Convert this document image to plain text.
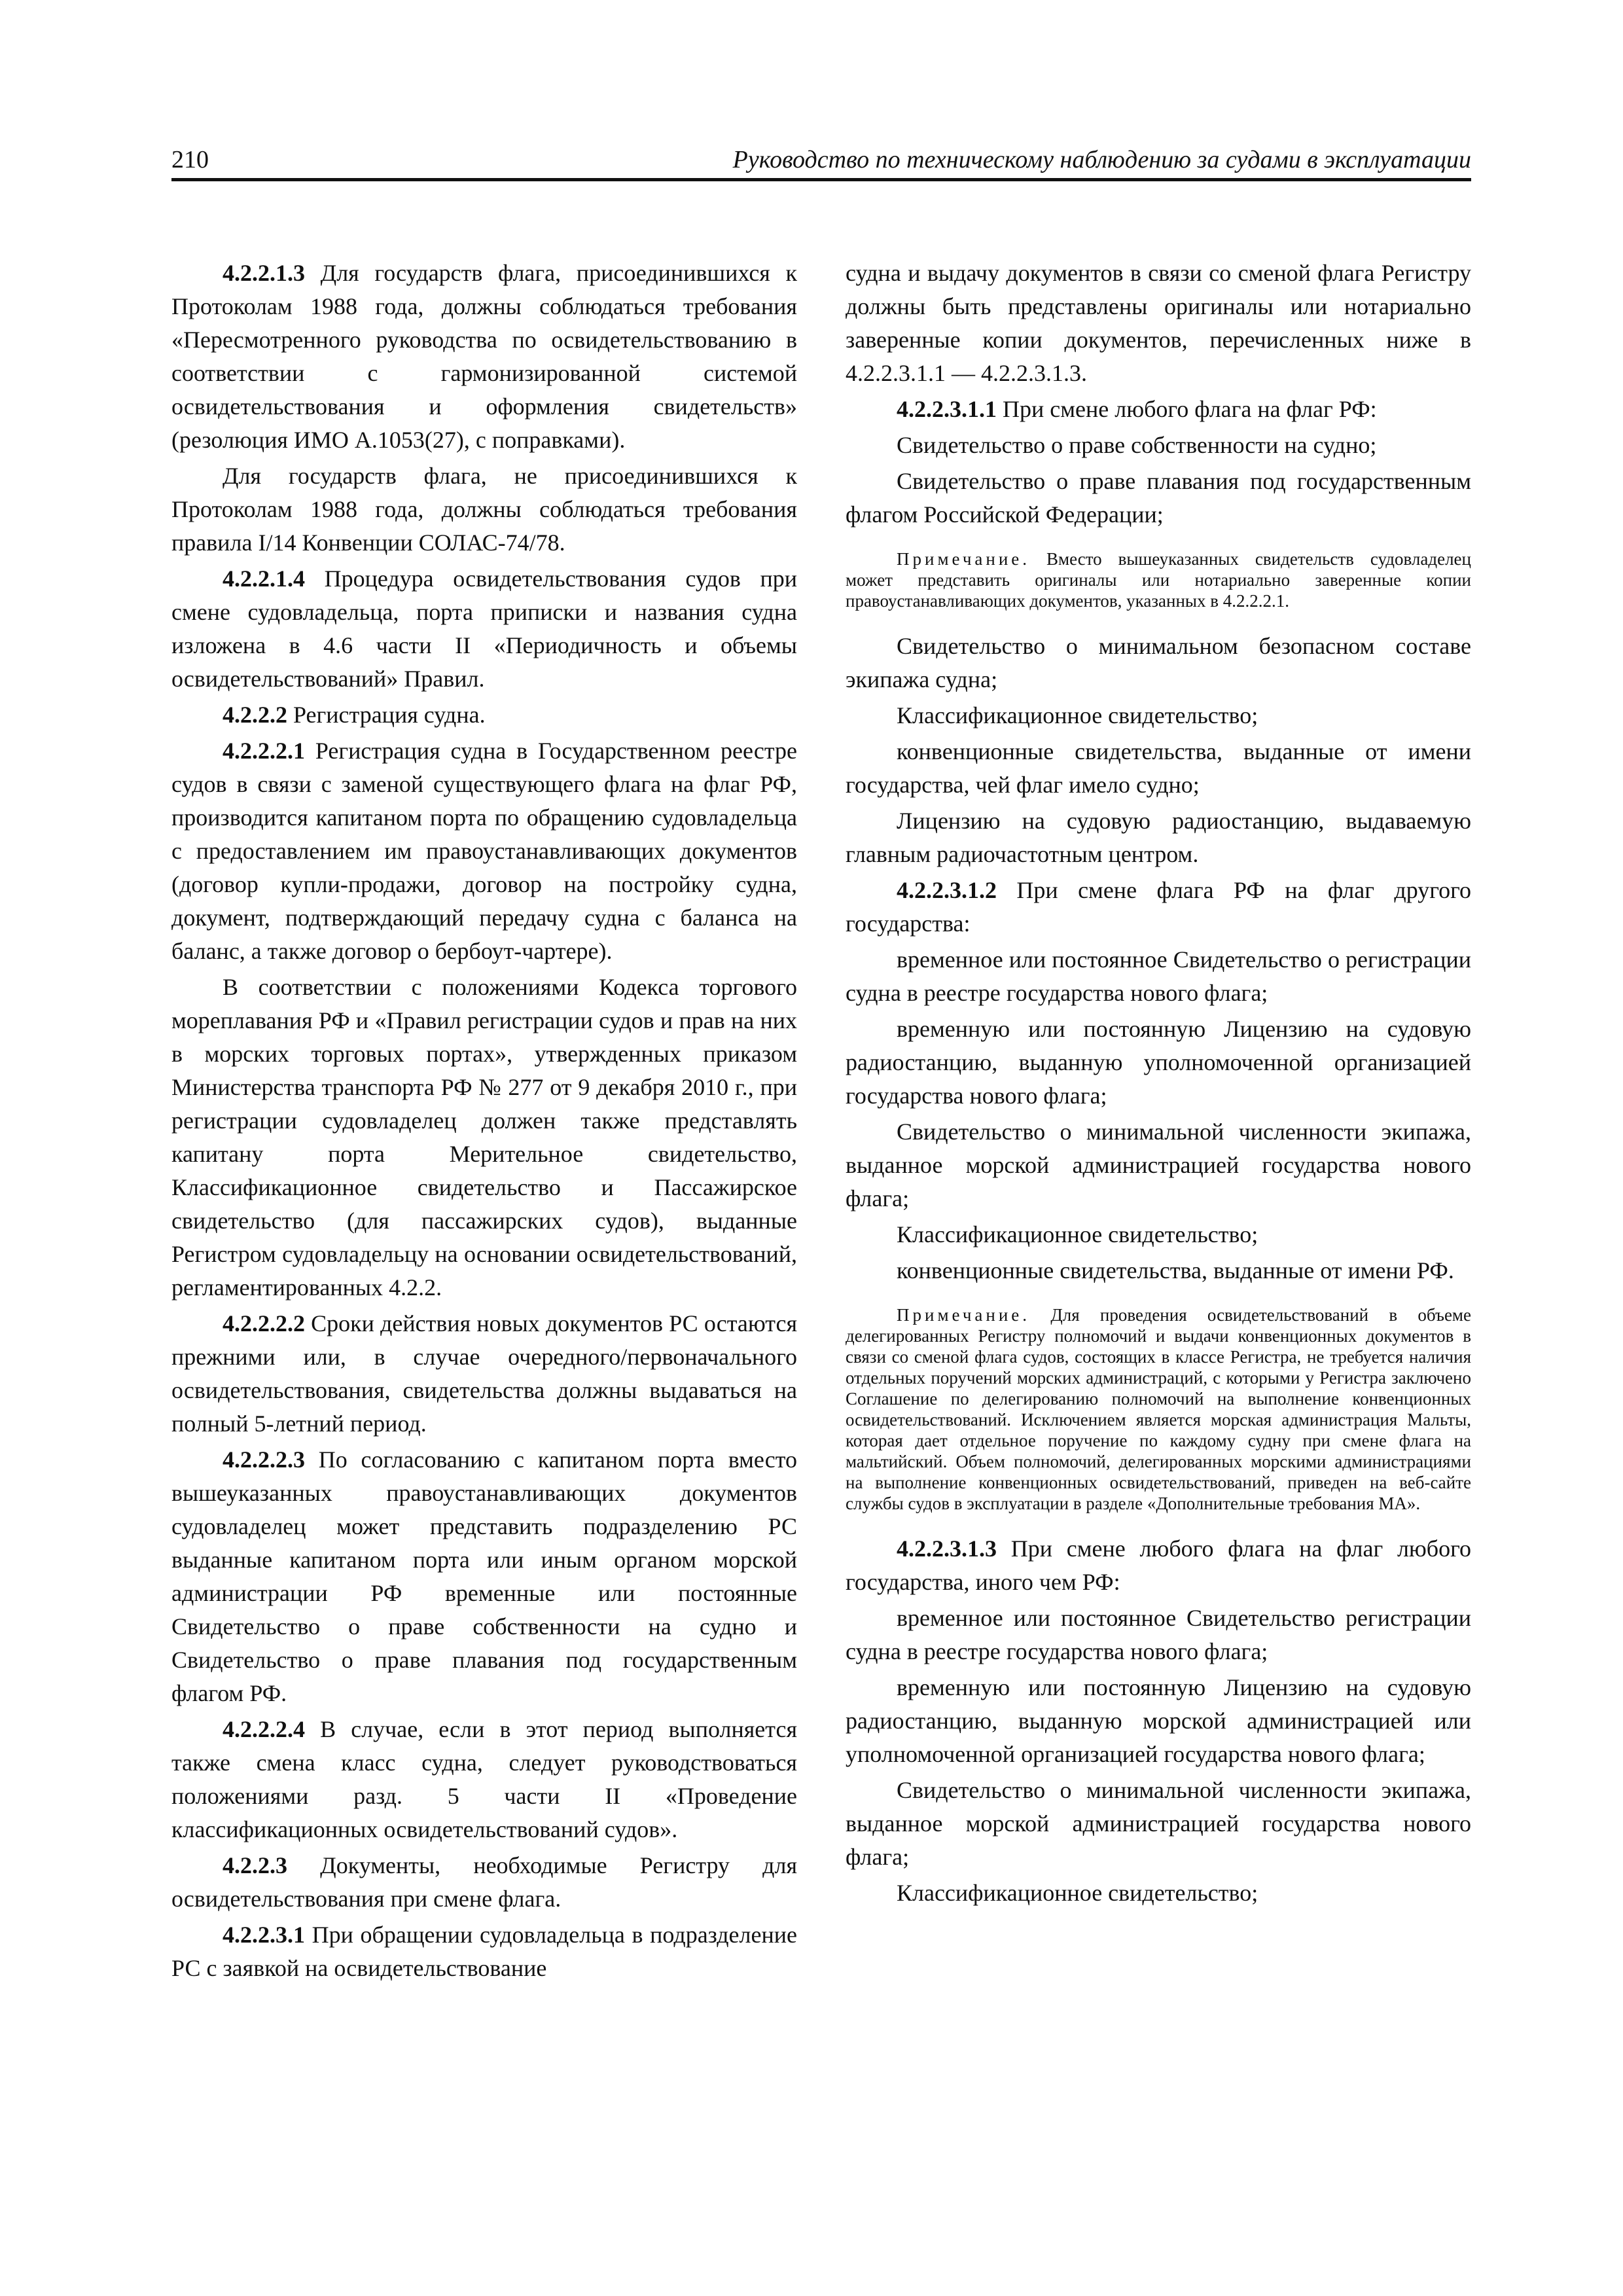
210	Руководство по техническому наблюдению за судами в эксплуатации

4.2.2.1.3 Для государств флага, присоединившихся к Протоколам 1988 года, должны соблюдаться требования «Пересмотренного руководства по освидетельствованию в соответствии с гармонизированной системой освидетельствования и оформления свидетельств» (резолюция ИМО А.1053(27), с поправками).

Для государств флага, не присоединившихся к Протоколам 1988 года, должны соблюдаться требования правила I/14 Конвенции СОЛАС-74/78.

4.2.2.1.4 Процедура освидетельствования судов при смене судовладельца, порта приписки и названия судна изложена в 4.6 части II «Периодичность и объемы освидетельствований» Правил.

4.2.2.2 Регистрация судна.

4.2.2.2.1 Регистрация судна в Государственном реестре судов в связи с заменой существующего флага на флаг РФ, производится капитаном порта по обращению судовладельца с предоставлением им правоустанавливающих документов (договор купли-продажи, договор на постройку судна, документ, подтверждающий передачу судна с баланса на баланс, а также договор о бербоут-чартере).

В соответствии с положениями Кодекса торгового мореплавания РФ и «Правил регистрации судов и прав на них в морских торговых портах», утвержденных приказом Министерства транспорта РФ № 277 от 9 декабря 2010 г., при регистрации судовладелец должен также представлять капитану порта Мерительное свидетельство, Классификационное свидетельство и Пассажирское свидетельство (для пассажирских судов), выданные Регистром судовладельцу на основании освидетельствований, регламентированных 4.2.2.

4.2.2.2.2 Сроки действия новых документов РС остаются прежними или, в случае очередного/первоначального освидетельствования, свидетельства должны выдаваться на полный 5-летний период.

4.2.2.2.3 По согласованию с капитаном порта вместо вышеуказанных правоустанавливающих документов судовладелец может представить подразделению РС выданные капитаном порта или иным органом морской администрации РФ временные или постоянные Свидетельство о праве собственности на судно и Свидетельство о праве плавания под государственным флагом РФ.

4.2.2.2.4 В случае, если в этот период выполняется также смена класс судна, следует руководствоваться положениями разд. 5 части II «Проведение классификационных освидетельствований судов».

4.2.2.3 Документы, необходимые Регистру для освидетельствования при смене флага.

4.2.2.3.1 При обращении судовладельца в подразделение РС с заявкой на освидетельствование

судна и выдачу документов в связи со сменой флага Регистру должны быть представлены оригиналы или нотариально заверенные копии документов, перечисленных ниже в 4.2.2.3.1.1 — 4.2.2.3.1.3.

4.2.2.3.1.1 При смене любого флага на флаг РФ:

Свидетельство о праве собственности на судно;

Свидетельство о праве плавания под государственным флагом Российской Федерации;

Примечание. Вместо вышеуказанных свидетельств судовладелец может представить оригиналы или нотариально заверенные копии правоустанавливающих документов, указанных в 4.2.2.2.1.

Свидетельство о минимальном безопасном составе экипажа судна;

Классификационное свидетельство;

конвенционные свидетельства, выданные от имени государства, чей флаг имело судно;

Лицензию на судовую радиостанцию, выдаваемую главным радиочастотным центром.

4.2.2.3.1.2 При смене флага РФ на флаг другого государства:

временное или постоянное Свидетельство о регистрации судна в реестре государства нового флага;

временную или постоянную Лицензию на судовую радиостанцию, выданную уполномоченной организацией государства нового флага;

Свидетельство о минимальной численности экипажа, выданное морской администрацией государства нового флага;

Классификационное свидетельство;

конвенционные свидетельства, выданные от имени РФ.

Примечание. Для проведения освидетельствований в объеме делегированных Регистру полномочий и выдачи конвенционных документов в связи со сменой флага судов, состоящих в классе Регистра, не требуется наличия отдельных поручений морских администраций, с которыми у Регистра заключено Соглашение по делегированию полномочий на выполнение конвенционных освидетельствований. Исключением является морская администрация Мальты, которая дает отдельное поручение по каждому судну при смене флага на мальтийский. Объем полномочий, делегированных морскими администрациями на выполнение конвенционных освидетельствований, приведен на веб-сайте службы судов в эксплуатации в разделе «Дополнительные требования МА».

4.2.2.3.1.3 При смене любого флага на флаг любого государства, иного чем РФ:

временное или постоянное Свидетельство регистрации судна в реестре государства нового флага;

временную или постоянную Лицензию на судовую радиостанцию, выданную морской администрацией или уполномоченной организацией государства нового флага;

Свидетельство о минимальной численности экипажа, выданное морской администрацией государства нового флага;

Классификационное свидетельство;
